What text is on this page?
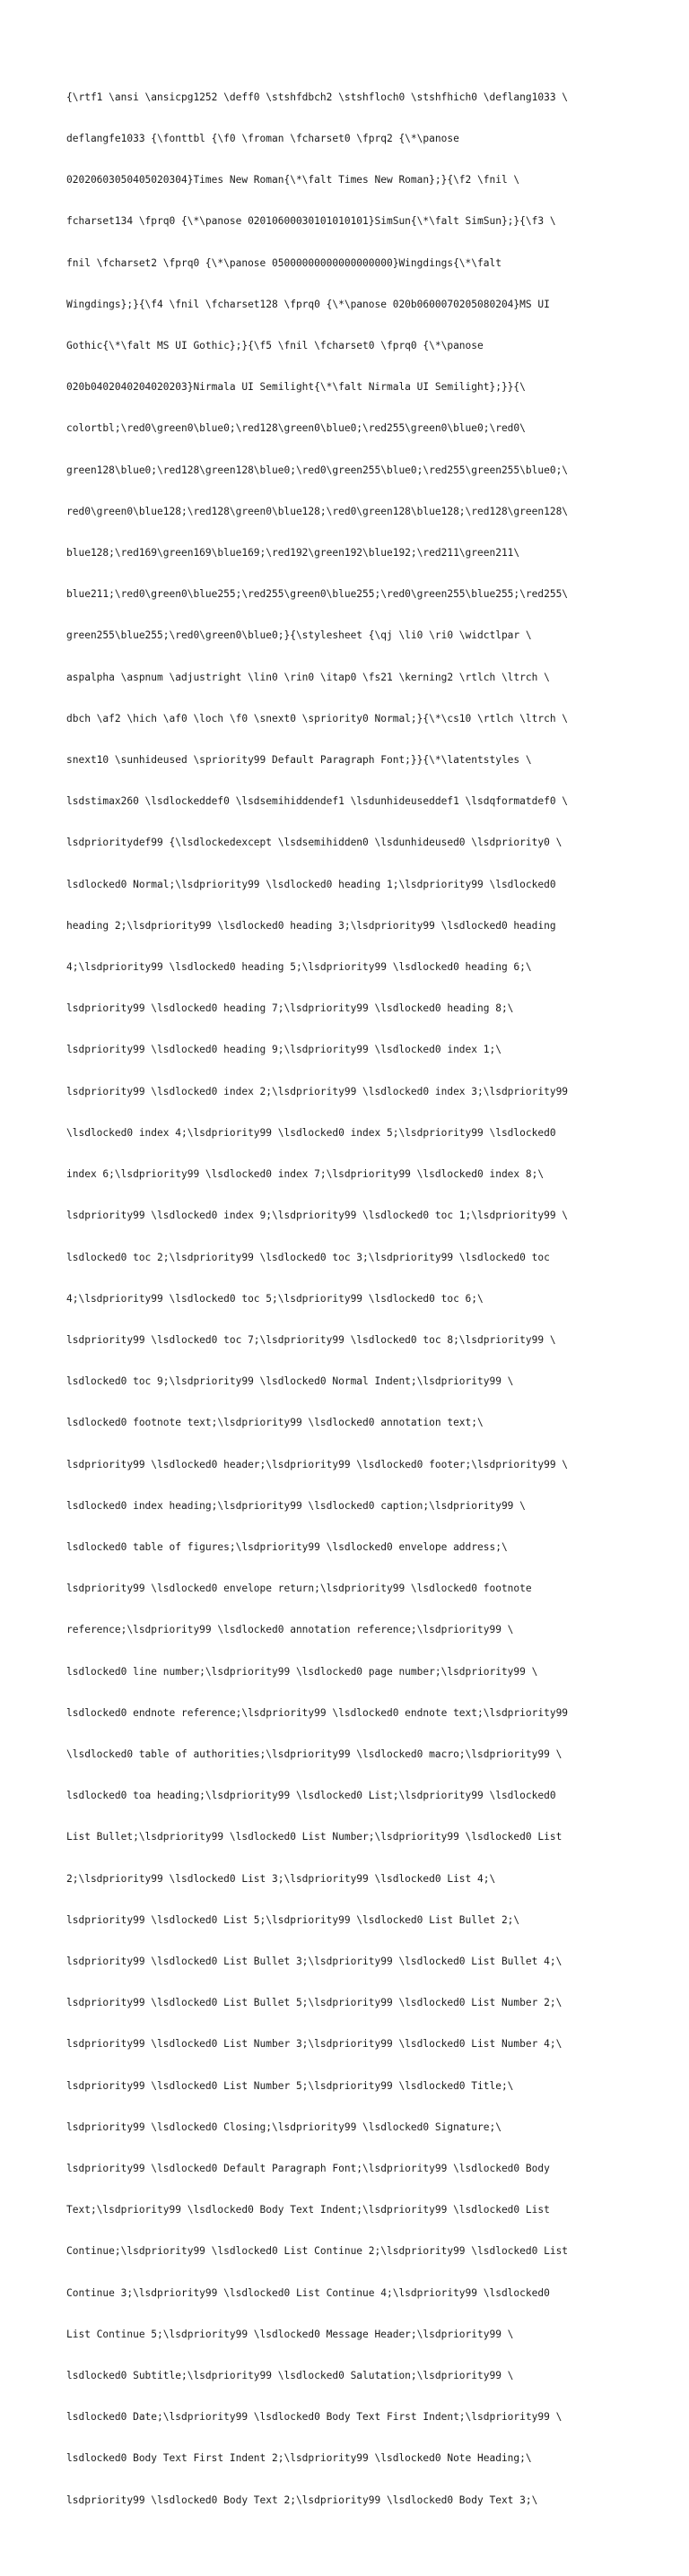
{\rtf1 \ansi \ansicpg1252 \deff0 \stshfdbch2 \stshfloch0 \stshfhich0 \deflang1033 \

deflangfe1033 {\fonttbl {\f0 \froman \fcharset0 \fprq2 {\*\panose

02020603050405020304}Times New Roman{\*\falt Times New Roman};}{\f2 \fnil \

fcharset134 \fprq0 {\*\panose 02010600030101010101}SimSun{\*\falt SimSun};}{\f3 \

fnil \fcharset2 \fprq0 {\*\panose 05000000000000000000}Wingdings{\*\falt

Wingdings};}{\f4 \fnil \fcharset128 \fprq0 {\*\panose 020b0600070205080204}MS UI

Gothic{\*\falt MS UI Gothic};}{\f5 \fnil \fcharset0 \fprq0 {\*\panose

020b0402040204020203}Nirmala UI Semilight{\*\falt Nirmala UI Semilight};}}{\

colortbl;\red0\green0\blue0;\red128\green0\blue0;\red255\green0\blue0;\red0\

green128\blue0;\red128\green128\blue0;\red0\green255\blue0;\red255\green255\blue0;\

red0\green0\blue128;\red128\green0\blue128;\red0\green128\blue128;\red128\green128\

blue128;\red169\green169\blue169;\red192\green192\blue192;\red211\green211\

blue211;\red0\green0\blue255;\red255\green0\blue255;\red0\green255\blue255;\red255\

green255\blue255;\red0\green0\blue0;}{\stylesheet {\qj \li0 \ri0 \widctlpar \

aspalpha \aspnum \adjustright \lin0 \rin0 \itap0 \fs21 \kerning2 \rtlch \ltrch \

dbch \af2 \hich \af0 \loch \f0 \snext0 \spriority0 Normal;}{\*\cs10 \rtlch \ltrch \

snext10 \sunhideused \spriority99 Default Paragraph Font;}}{\*\latentstyles \

lsdstimax260 \lsdlockeddef0 \lsdsemihiddendef1 \lsdunhideuseddef1 \lsdqformatdef0 \

lsdprioritydef99 {\lsdlockedexcept \lsdsemihidden0 \lsdunhideused0 \lsdpriority0 \

lsdlocked0 Normal;\lsdpriority99 \lsdlocked0 heading 1;\lsdpriority99 \lsdlocked0

heading 2;\lsdpriority99 \lsdlocked0 heading 3;\lsdpriority99 \lsdlocked0 heading

4;\lsdpriority99 \lsdlocked0 heading 5;\lsdpriority99 \lsdlocked0 heading 6;\

lsdpriority99 \lsdlocked0 heading 7;\lsdpriority99 \lsdlocked0 heading 8;\

lsdpriority99 \lsdlocked0 heading 9;\lsdpriority99 \lsdlocked0 index 1;\

lsdpriority99 \lsdlocked0 index 2;\lsdpriority99 \lsdlocked0 index 3;\lsdpriority99

\lsdlocked0 index 4;\lsdpriority99 \lsdlocked0 index 5;\lsdpriority99 \lsdlocked0

index 6;\lsdpriority99 \lsdlocked0 index 7;\lsdpriority99 \lsdlocked0 index 8;\

lsdpriority99 \lsdlocked0 index 9;\lsdpriority99 \lsdlocked0 toc 1;\lsdpriority99 \

lsdlocked0 toc 2;\lsdpriority99 \lsdlocked0 toc 3;\lsdpriority99 \lsdlocked0 toc

4;\lsdpriority99 \lsdlocked0 toc 5;\lsdpriority99 \lsdlocked0 toc 6;\

lsdpriority99 \lsdlocked0 toc 7;\lsdpriority99 \lsdlocked0 toc 8;\lsdpriority99 \

lsdlocked0 toc 9;\lsdpriority99 \lsdlocked0 Normal Indent;\lsdpriority99 \

lsdlocked0 footnote text;\lsdpriority99 \lsdlocked0 annotation text;\

lsdpriority99 \lsdlocked0 header;\lsdpriority99 \lsdlocked0 footer;\lsdpriority99 \

lsdlocked0 index heading;\lsdpriority99 \lsdlocked0 caption;\lsdpriority99 \

lsdlocked0 table of figures;\lsdpriority99 \lsdlocked0 envelope address;\

lsdpriority99 \lsdlocked0 envelope return;\lsdpriority99 \lsdlocked0 footnote

reference;\lsdpriority99 \lsdlocked0 annotation reference;\lsdpriority99 \

lsdlocked0 line number;\lsdpriority99 \lsdlocked0 page number;\lsdpriority99 \

lsdlocked0 endnote reference;\lsdpriority99 \lsdlocked0 endnote text;\lsdpriority99

\lsdlocked0 table of authorities;\lsdpriority99 \lsdlocked0 macro;\lsdpriority99 \

lsdlocked0 toa heading;\lsdpriority99 \lsdlocked0 List;\lsdpriority99 \lsdlocked0

List Bullet;\lsdpriority99 \lsdlocked0 List Number;\lsdpriority99 \lsdlocked0 List

2;\lsdpriority99 \lsdlocked0 List 3;\lsdpriority99 \lsdlocked0 List 4;\

lsdpriority99 \lsdlocked0 List 5;\lsdpriority99 \lsdlocked0 List Bullet 2;\

lsdpriority99 \lsdlocked0 List Bullet 3;\lsdpriority99 \lsdlocked0 List Bullet 4;\

lsdpriority99 \lsdlocked0 List Bullet 5;\lsdpriority99 \lsdlocked0 List Number 2;\

lsdpriority99 \lsdlocked0 List Number 3;\lsdpriority99 \lsdlocked0 List Number 4;\

lsdpriority99 \lsdlocked0 List Number 5;\lsdpriority99 \lsdlocked0 Title;\

lsdpriority99 \lsdlocked0 Closing;\lsdpriority99 \lsdlocked0 Signature;\

lsdpriority99 \lsdlocked0 Default Paragraph Font;\lsdpriority99 \lsdlocked0 Body

Text;\lsdpriority99 \lsdlocked0 Body Text Indent;\lsdpriority99 \lsdlocked0 List

Continue;\lsdpriority99 \lsdlocked0 List Continue 2;\lsdpriority99 \lsdlocked0 List

Continue 3;\lsdpriority99 \lsdlocked0 List Continue 4;\lsdpriority99 \lsdlocked0

List Continue 5;\lsdpriority99 \lsdlocked0 Message Header;\lsdpriority99 \

lsdlocked0 Subtitle;\lsdpriority99 \lsdlocked0 Salutation;\lsdpriority99 \

lsdlocked0 Date;\lsdpriority99 \lsdlocked0 Body Text First Indent;\lsdpriority99 \

lsdlocked0 Body Text First Indent 2;\lsdpriority99 \lsdlocked0 Note Heading;\

lsdpriority99 \lsdlocked0 Body Text 2;\lsdpriority99 \lsdlocked0 Body Text 3;\
